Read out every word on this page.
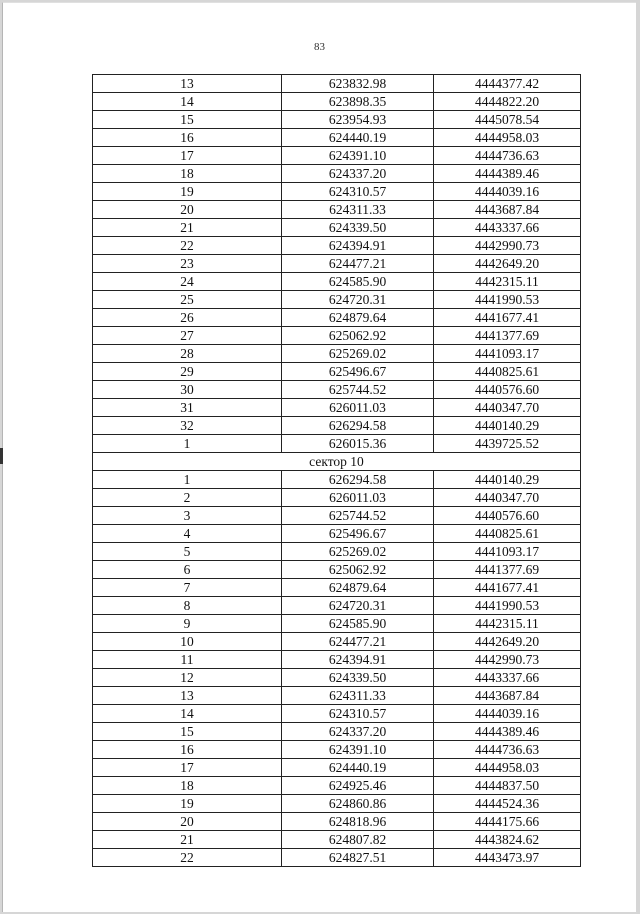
83
13	623832.98	4444377.42
14	623898.35	4444822.20
15	623954.93	4445078.54
16	624440.19	4444958.03
17	624391.10	4444736.63
18	624337.20	4444389.46
19	624310.57	4444039.16
20	624311.33	4443687.84
21	624339.50	4443337.66
22	624394.91	4442990.73
23	624477.21	4442649.20
24	624585.90	4442315.11
25	624720.31	4441990.53
26	624879.64	4441677.41
27	625062.92	4441377.69
28	625269.02	4441093.17
29	625496.67	4440825.61
30	625744.52	4440576.60
31	626011.03	4440347.70
32	626294.58	4440140.29
1	626015.36	4439725.52
сектор 10		
1	626294.58	4440140.29
2	626011.03	4440347.70
3	625744.52	4440576.60
4	625496.67	4440825.61
5	625269.02	4441093.17
6	625062.92	4441377.69
7	624879.64	4441677.41
8	624720.31	4441990.53
9	624585.90	4442315.11
10	624477.21	4442649.20
11	624394.91	4442990.73
12	624339.50	4443337.66
13	624311.33	4443687.84
14	624310.57	4444039.16
15	624337.20	4444389.46
16	624391.10	4444736.63
17	624440.19	4444958.03
18	624925.46	4444837.50
19	624860.86	4444524.36
20	624818.96	4444175.66
21	624807.82	4443824.62
22	624827.51	4443473.97
